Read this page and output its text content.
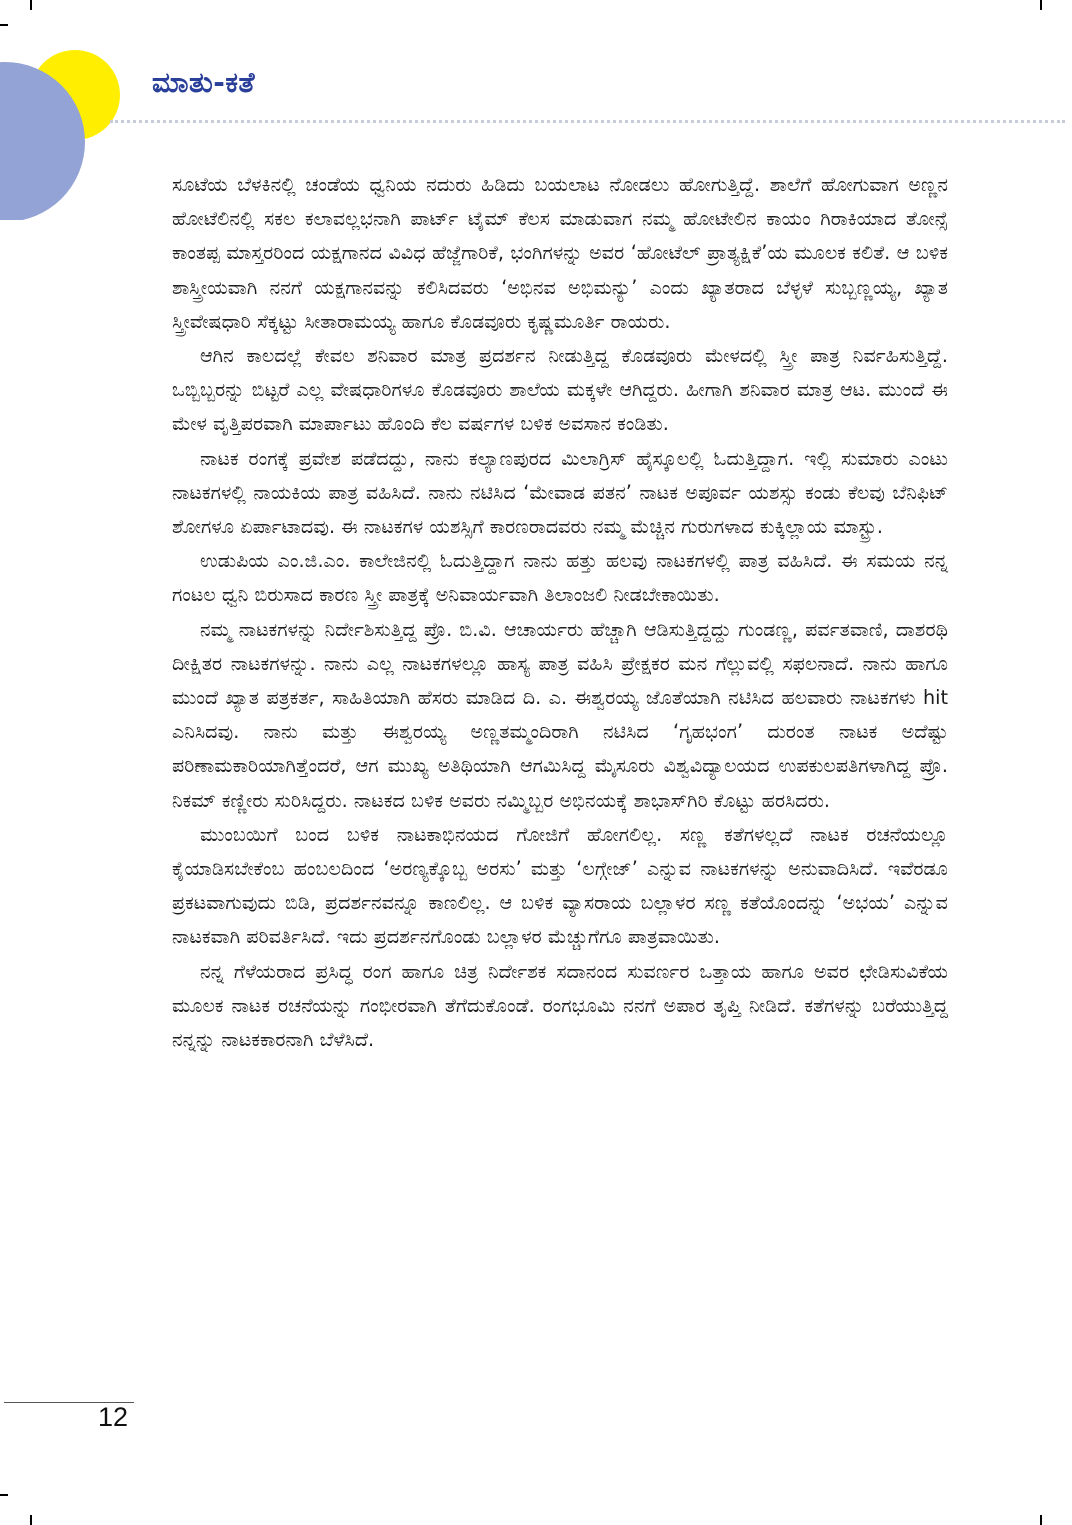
ಮಾತು-ಕತೆ

ಸೂಟೆಯ ಬೆಳಕಿನಲ್ಲಿ ಚಂಡೆಯ ಧ್ವನಿಯ ನದುರು ಹಿಡಿದು ಬಯಲಾಟ ನೋಡಲು ಹೋಗುತ್ತಿದ್ದೆ. ಶಾಲೆಗೆ ಹೋಗುವಾಗ ಅಣ್ಣನ ಹೋಟೆಲಿನಲ್ಲಿ ಸಕಲ ಕಲಾವಲ್ಲಭನಾಗಿ ಪಾರ್ಟ್ ಟೈಮ್ ಕೆಲಸ ಮಾಡುವಾಗ ನಮ್ಮ ಹೋಟೇಲಿನ ಕಾಯಂ ಗಿರಾಕಿಯಾದ ತೋನ್ಸೆ ಕಾಂತಪ್ಪ ಮಾಸ್ತರರಿಂದ ಯಕ್ಷಗಾನದ ವಿವಿಧ ಹೆಜ್ಜೆಗಾರಿಕೆ, ಭಂಗಿಗಳನ್ನು ಅವರ ‘ಹೋಟೆಲ್ ಪ್ರಾತ್ಯಕ್ಷಿಕೆ’ಯ ಮೂಲಕ ಕಲಿತೆ. ಆ ಬಳಿಕ ಶಾಸ್ತ್ರೀಯವಾಗಿ ನನಗೆ ಯಕ್ಷಗಾನವನ್ನು ಕಲಿಸಿದವರು ‘ಅಭಿನವ ಅಭಿಮನ್ಯು’ ಎಂದು ಖ್ಯಾತರಾದ ಬೆಳ್ಳಳೆ ಸುಬ್ಬಣ್ಣಯ್ಯ, ಖ್ಯಾತ ಸ್ತ್ರೀವೇಷಧಾರಿ ಸೆಕ್ಕಟ್ಟು ಸೀತಾರಾಮಯ್ಯ ಹಾಗೂ ಕೊಡವೂರು ಕೃಷ್ಣಮೂರ್ತಿ ರಾಯರು.

ಆಗಿನ ಕಾಲದಲ್ಲೆ ಕೇವಲ ಶನಿವಾರ ಮಾತ್ರ ಪ್ರದರ್ಶನ ನೀಡುತ್ತಿದ್ದ ಕೊಡವೂರು ಮೇಳದಲ್ಲಿ ಸ್ತ್ರೀ ಪಾತ್ರ ನಿರ್ವಹಿಸುತ್ತಿದ್ದೆ. ಒಬ್ಬಿಬ್ಬರನ್ನು ಬಿಟ್ಟರೆ ಎಲ್ಲ ವೇಷಧಾರಿಗಳೂ ಕೊಡವೂರು ಶಾಲೆಯ ಮಕ್ಕಳೇ ಆಗಿದ್ದರು. ಹೀಗಾಗಿ ಶನಿವಾರ ಮಾತ್ರ ಆಟ. ಮುಂದೆ ಈ ಮೇಳ ವೃತ್ತಿಪರವಾಗಿ ಮಾರ್ಪಾಟು ಹೊಂದಿ ಕೆಲ ವರ್ಷಗಳ ಬಳಿಕ ಅವಸಾನ ಕಂಡಿತು.

ನಾಟಕ ರಂಗಕ್ಕೆ ಪ್ರವೇಶ ಪಡೆದದ್ದು, ನಾನು ಕಲ್ಯಾಣಪುರದ ಮಿಲಾಗ್ರಿಸ್ ಹೈಸ್ಕೂಲಲ್ಲಿ ಓದುತ್ತಿದ್ದಾಗ. ಇಲ್ಲಿ ಸುಮಾರು ಎಂಟು ನಾಟಕಗಳಲ್ಲಿ ನಾಯಕಿಯ ಪಾತ್ರ ವಹಿಸಿದೆ. ನಾನು ನಟಿಸಿದ ‘ಮೇವಾಡ ಪತನ’ ನಾಟಕ ಅಪೂರ್ವ ಯಶಸ್ಸು ಕಂಡು ಕೆಲವು ಬೆನಿಫಿಟ್ ಶೋಗಳೂ ಏರ್ಪಾಟಾದವು. ಈ ನಾಟಕಗಳ ಯಶಸ್ಸಿಗೆ ಕಾರಣರಾದವರು ನಮ್ಮ ಮೆಚ್ಚಿನ ಗುರುಗಳಾದ ಕುಕ್ಕಿಲ್ಲಾಯ ಮಾಸ್ಟ್ರು.

ಉಡುಪಿಯ ಎಂ.ಜಿ.ಎಂ. ಕಾಲೇಜಿನಲ್ಲಿ ಓದುತ್ತಿದ್ದಾಗ ನಾನು ಹತ್ತು ಹಲವು ನಾಟಕಗಳಲ್ಲಿ ಪಾತ್ರ ವಹಿಸಿದೆ. ಈ ಸಮಯ ನನ್ನ ಗಂಟಲ ಧ್ವನಿ ಬಿರುಸಾದ ಕಾರಣ ಸ್ತ್ರೀ ಪಾತ್ರಕ್ಕೆ ಅನಿವಾರ್ಯವಾಗಿ ತಿಲಾಂಜಲಿ ನೀಡಬೇಕಾಯಿತು.

ನಮ್ಮ ನಾಟಕಗಳನ್ನು ನಿರ್ದೇಶಿಸುತ್ತಿದ್ದ ಪ್ರೊ. ಬಿ.ವಿ. ಆಚಾರ್ಯರು ಹೆಚ್ಚಾಗಿ ಆಡಿಸುತ್ತಿದ್ದದ್ದು ಗುಂಡಣ್ಣ, ಪರ್ವತವಾಣಿ, ದಾಶರಥಿ ದೀಕ್ಷಿತರ ನಾಟಕಗಳನ್ನು. ನಾನು ಎಲ್ಲ ನಾಟಕಗಳಲ್ಲೂ ಹಾಸ್ಯ ಪಾತ್ರ ವಹಿಸಿ ಪ್ರೇಕ್ಷಕರ ಮನ ಗೆಲ್ಲುವಲ್ಲಿ ಸಫಲನಾದೆ. ನಾನು ಹಾಗೂ ಮುಂದೆ ಖ್ಯಾತ ಪತ್ರಕರ್ತ, ಸಾಹಿತಿಯಾಗಿ ಹೆಸರು ಮಾಡಿದ ದಿ. ಎ. ಈಶ್ವರಯ್ಯ ಜೊತೆಯಾಗಿ ನಟಿಸಿದ ಹಲವಾರು ನಾಟಕಗಳು hit ಎನಿಸಿದವು. ನಾನು ಮತ್ತು ಈಶ್ವರಯ್ಯ ಅಣ್ಣತಮ್ಮಂದಿರಾಗಿ ನಟಿಸಿದ ‘ಗೃಹಭಂಗ’ ದುರಂತ ನಾಟಕ ಅದೆಷ್ಟು ಪರಿಣಾಮಕಾರಿಯಾಗಿತ್ತೆಂದರೆ, ಆಗ ಮುಖ್ಯ ಅತಿಥಿಯಾಗಿ ಆಗಮಿಸಿದ್ದ ಮೈಸೂರು ವಿಶ್ವವಿದ್ಯಾಲಯದ ಉಪಕುಲಪತಿಗಳಾಗಿದ್ದ ಪ್ರೊ. ನಿಕಮ್ ಕಣ್ಣೀರು ಸುರಿಸಿದ್ದರು. ನಾಟಕದ ಬಳಿಕ ಅವರು ನಮ್ಮಿಬ್ಬರ ಅಭಿನಯಕ್ಕೆ ಶಾಭಾಸ್‌ಗಿರಿ ಕೊಟ್ಟು ಹರಸಿದರು.

ಮುಂಬಯಿಗೆ ಬಂದ ಬಳಿಕ ನಾಟಕಾಭಿನಯದ ಗೋಜಿಗೆ ಹೋಗಲಿಲ್ಲ. ಸಣ್ಣ ಕತೆಗಳಲ್ಲದೆ ನಾಟಕ ರಚನೆಯಲ್ಲೂ ಕೈಯಾಡಿಸಬೇಕೆಂಬ ಹಂಬಲದಿಂದ ‘ಅರಣ್ಯಕ್ಕೊಬ್ಬ ಅರಸು’ ಮತ್ತು ‘ಲಗ್ಗೇಜ್’ ಎನ್ನುವ ನಾಟಕಗಳನ್ನು ಅನುವಾದಿಸಿದೆ. ಇವೆರಡೂ ಪ್ರಕಟವಾಗುವುದು ಬಿಡಿ, ಪ್ರದರ್ಶನವನ್ನೂ ಕಾಣಲಿಲ್ಲ. ಆ ಬಳಿಕ ವ್ಯಾಸರಾಯ ಬಲ್ಲಾಳರ ಸಣ್ಣ ಕತೆಯೊಂದನ್ನು ‘ಅಭಯ’ ಎನ್ನುವ ನಾಟಕವಾಗಿ ಪರಿವರ್ತಿಸಿದೆ. ಇದು ಪ್ರದರ್ಶನಗೊಂಡು ಬಲ್ಲಾಳರ ಮೆಚ್ಚುಗೆಗೂ ಪಾತ್ರವಾಯಿತು.

ನನ್ನ ಗೆಳೆಯರಾದ ಪ್ರಸಿದ್ಧ ರಂಗ ಹಾಗೂ ಚಿತ್ರ ನಿರ್ದೇಶಕ ಸದಾನಂದ ಸುವರ್ಣರ ಒತ್ತಾಯ ಹಾಗೂ ಅವರ ಛೇಡಿಸುವಿಕೆಯ ಮೂಲಕ ನಾಟಕ ರಚನೆಯನ್ನು ಗಂಭೀರವಾಗಿ ತೆಗೆದುಕೊಂಡೆ. ರಂಗಭೂಮಿ ನನಗೆ ಅಪಾರ ತೃಪ್ತಿ ನೀಡಿದೆ. ಕತೆಗಳನ್ನು ಬರೆಯುತ್ತಿದ್ದ ನನ್ನನ್ನು ನಾಟಕಕಾರನಾಗಿ ಬೆಳೆಸಿದೆ.

12
